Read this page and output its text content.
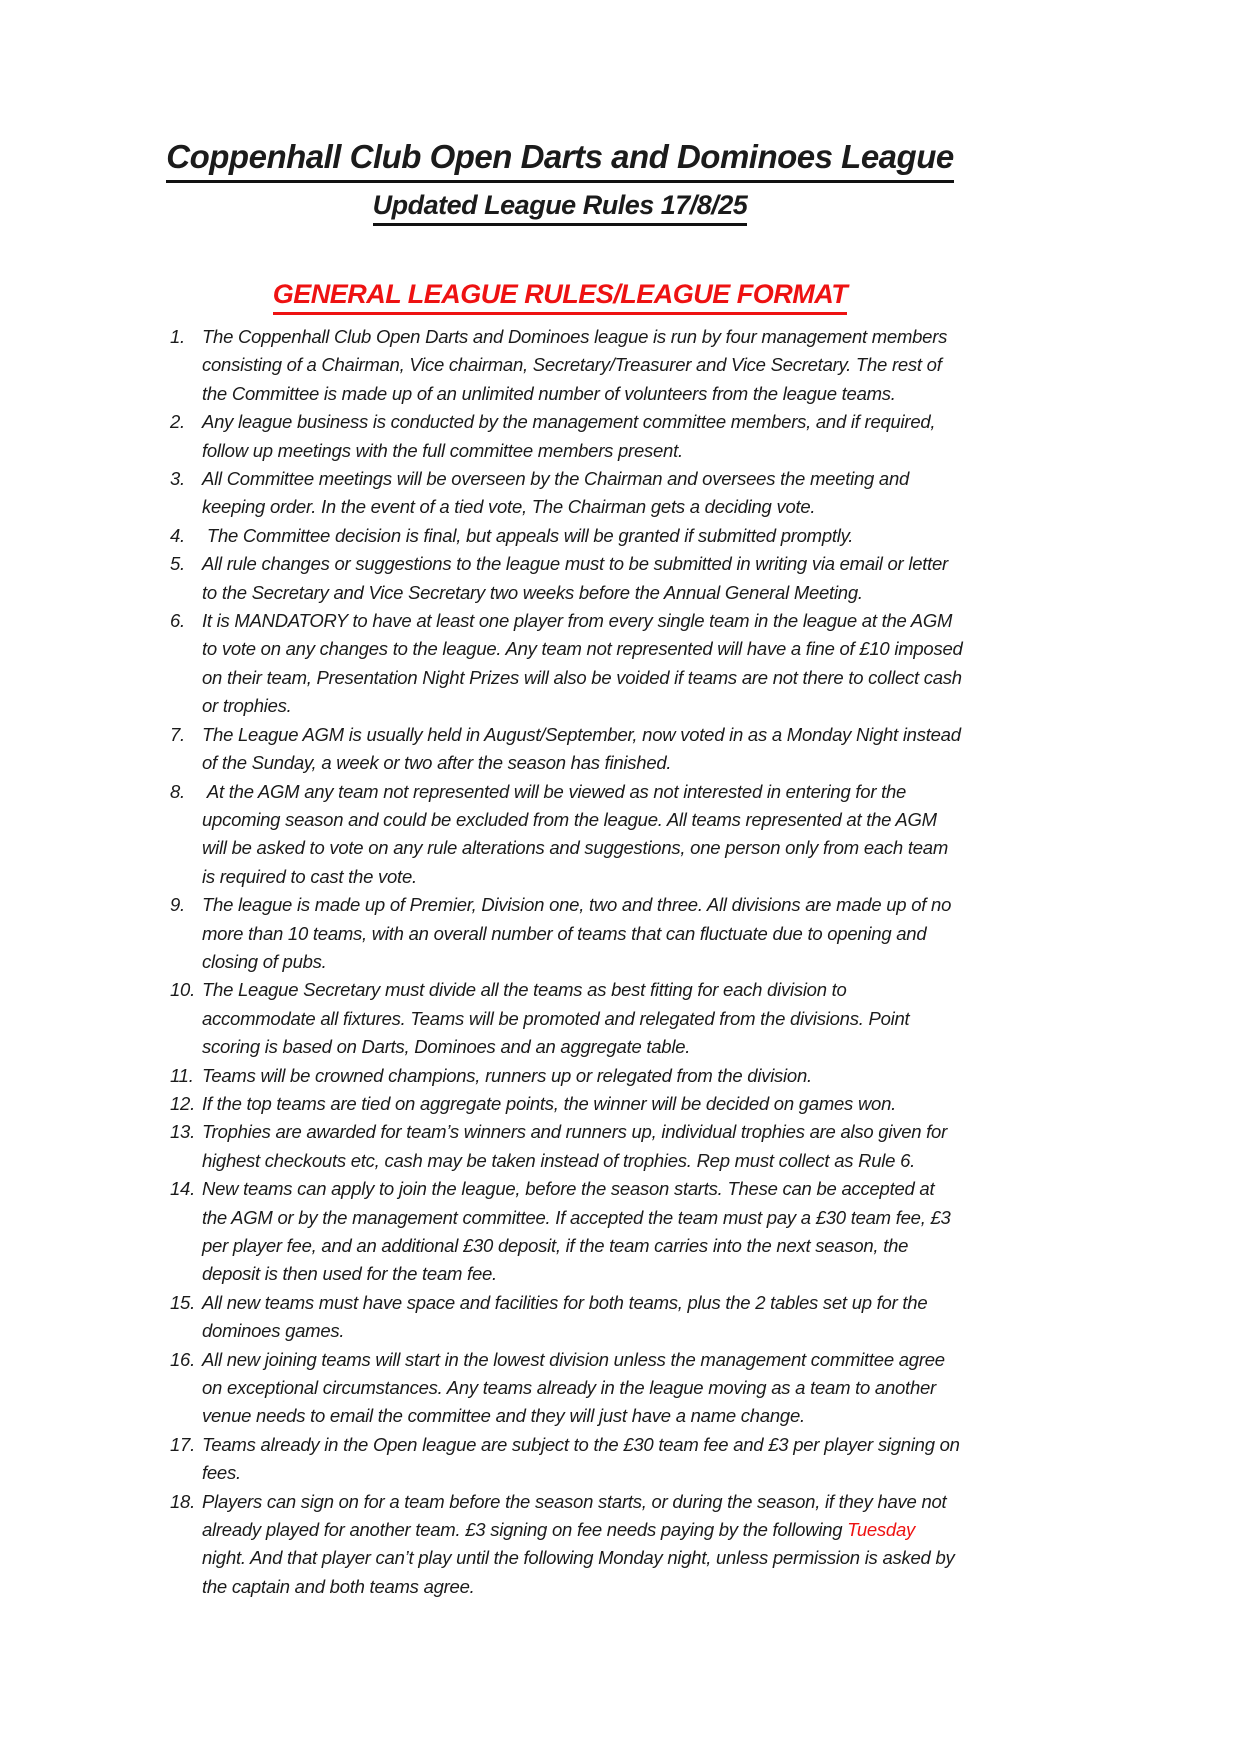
Coppenhall Club Open Darts and Dominoes League
Updated League Rules 17/8/25
GENERAL LEAGUE RULES/LEAGUE FORMAT
1. The Coppenhall Club Open Darts and Dominoes league is run by four management members consisting of a Chairman, Vice chairman, Secretary/Treasurer and Vice Secretary. The rest of the Committee is made up of an unlimited number of volunteers from the league teams.
2. Any league business is conducted by the management committee members, and if required, follow up meetings with the full committee members present.
3. All Committee meetings will be overseen by the Chairman and oversees the meeting and keeping order. In the event of a tied vote, The Chairman gets a deciding vote.
4. The Committee decision is final, but appeals will be granted if submitted promptly.
5. All rule changes or suggestions to the league must to be submitted in writing via email or letter to the Secretary and Vice Secretary two weeks before the Annual General Meeting.
6. It is MANDATORY to have at least one player from every single team in the league at the AGM to vote on any changes to the league. Any team not represented will have a fine of £10 imposed on their team, Presentation Night Prizes will also be voided if teams are not there to collect cash or trophies.
7. The League AGM is usually held in August/September, now voted in as a Monday Night instead of the Sunday, a week or two after the season has finished.
8. At the AGM any team not represented will be viewed as not interested in entering for the upcoming season and could be excluded from the league. All teams represented at the AGM will be asked to vote on any rule alterations and suggestions, one person only from each team is required to cast the vote.
9. The league is made up of Premier, Division one, two and three. All divisions are made up of no more than 10 teams, with an overall number of teams that can fluctuate due to opening and closing of pubs.
10. The League Secretary must divide all the teams as best fitting for each division to accommodate all fixtures. Teams will be promoted and relegated from the divisions. Point scoring is based on Darts, Dominoes and an aggregate table.
11. Teams will be crowned champions, runners up or relegated from the division.
12. If the top teams are tied on aggregate points, the winner will be decided on games won.
13. Trophies are awarded for team’s winners and runners up, individual trophies are also given for highest checkouts etc, cash may be taken instead of trophies. Rep must collect as Rule 6.
14. New teams can apply to join the league, before the season starts. These can be accepted at the AGM or by the management committee. If accepted the team must pay a £30 team fee, £3 per player fee, and an additional £30 deposit, if the team carries into the next season, the deposit is then used for the team fee.
15. All new teams must have space and facilities for both teams, plus the 2 tables set up for the dominoes games.
16. All new joining teams will start in the lowest division unless the management committee agree on exceptional circumstances. Any teams already in the league moving as a team to another venue needs to email the committee and they will just have a name change.
17. Teams already in the Open league are subject to the £30 team fee and £3 per player signing on fees.
18. Players can sign on for a team before the season starts, or during the season, if they have not already played for another team. £3 signing on fee needs paying by the following Tuesday night. And that player can’t play until the following Monday night, unless permission is asked by the captain and both teams agree.
